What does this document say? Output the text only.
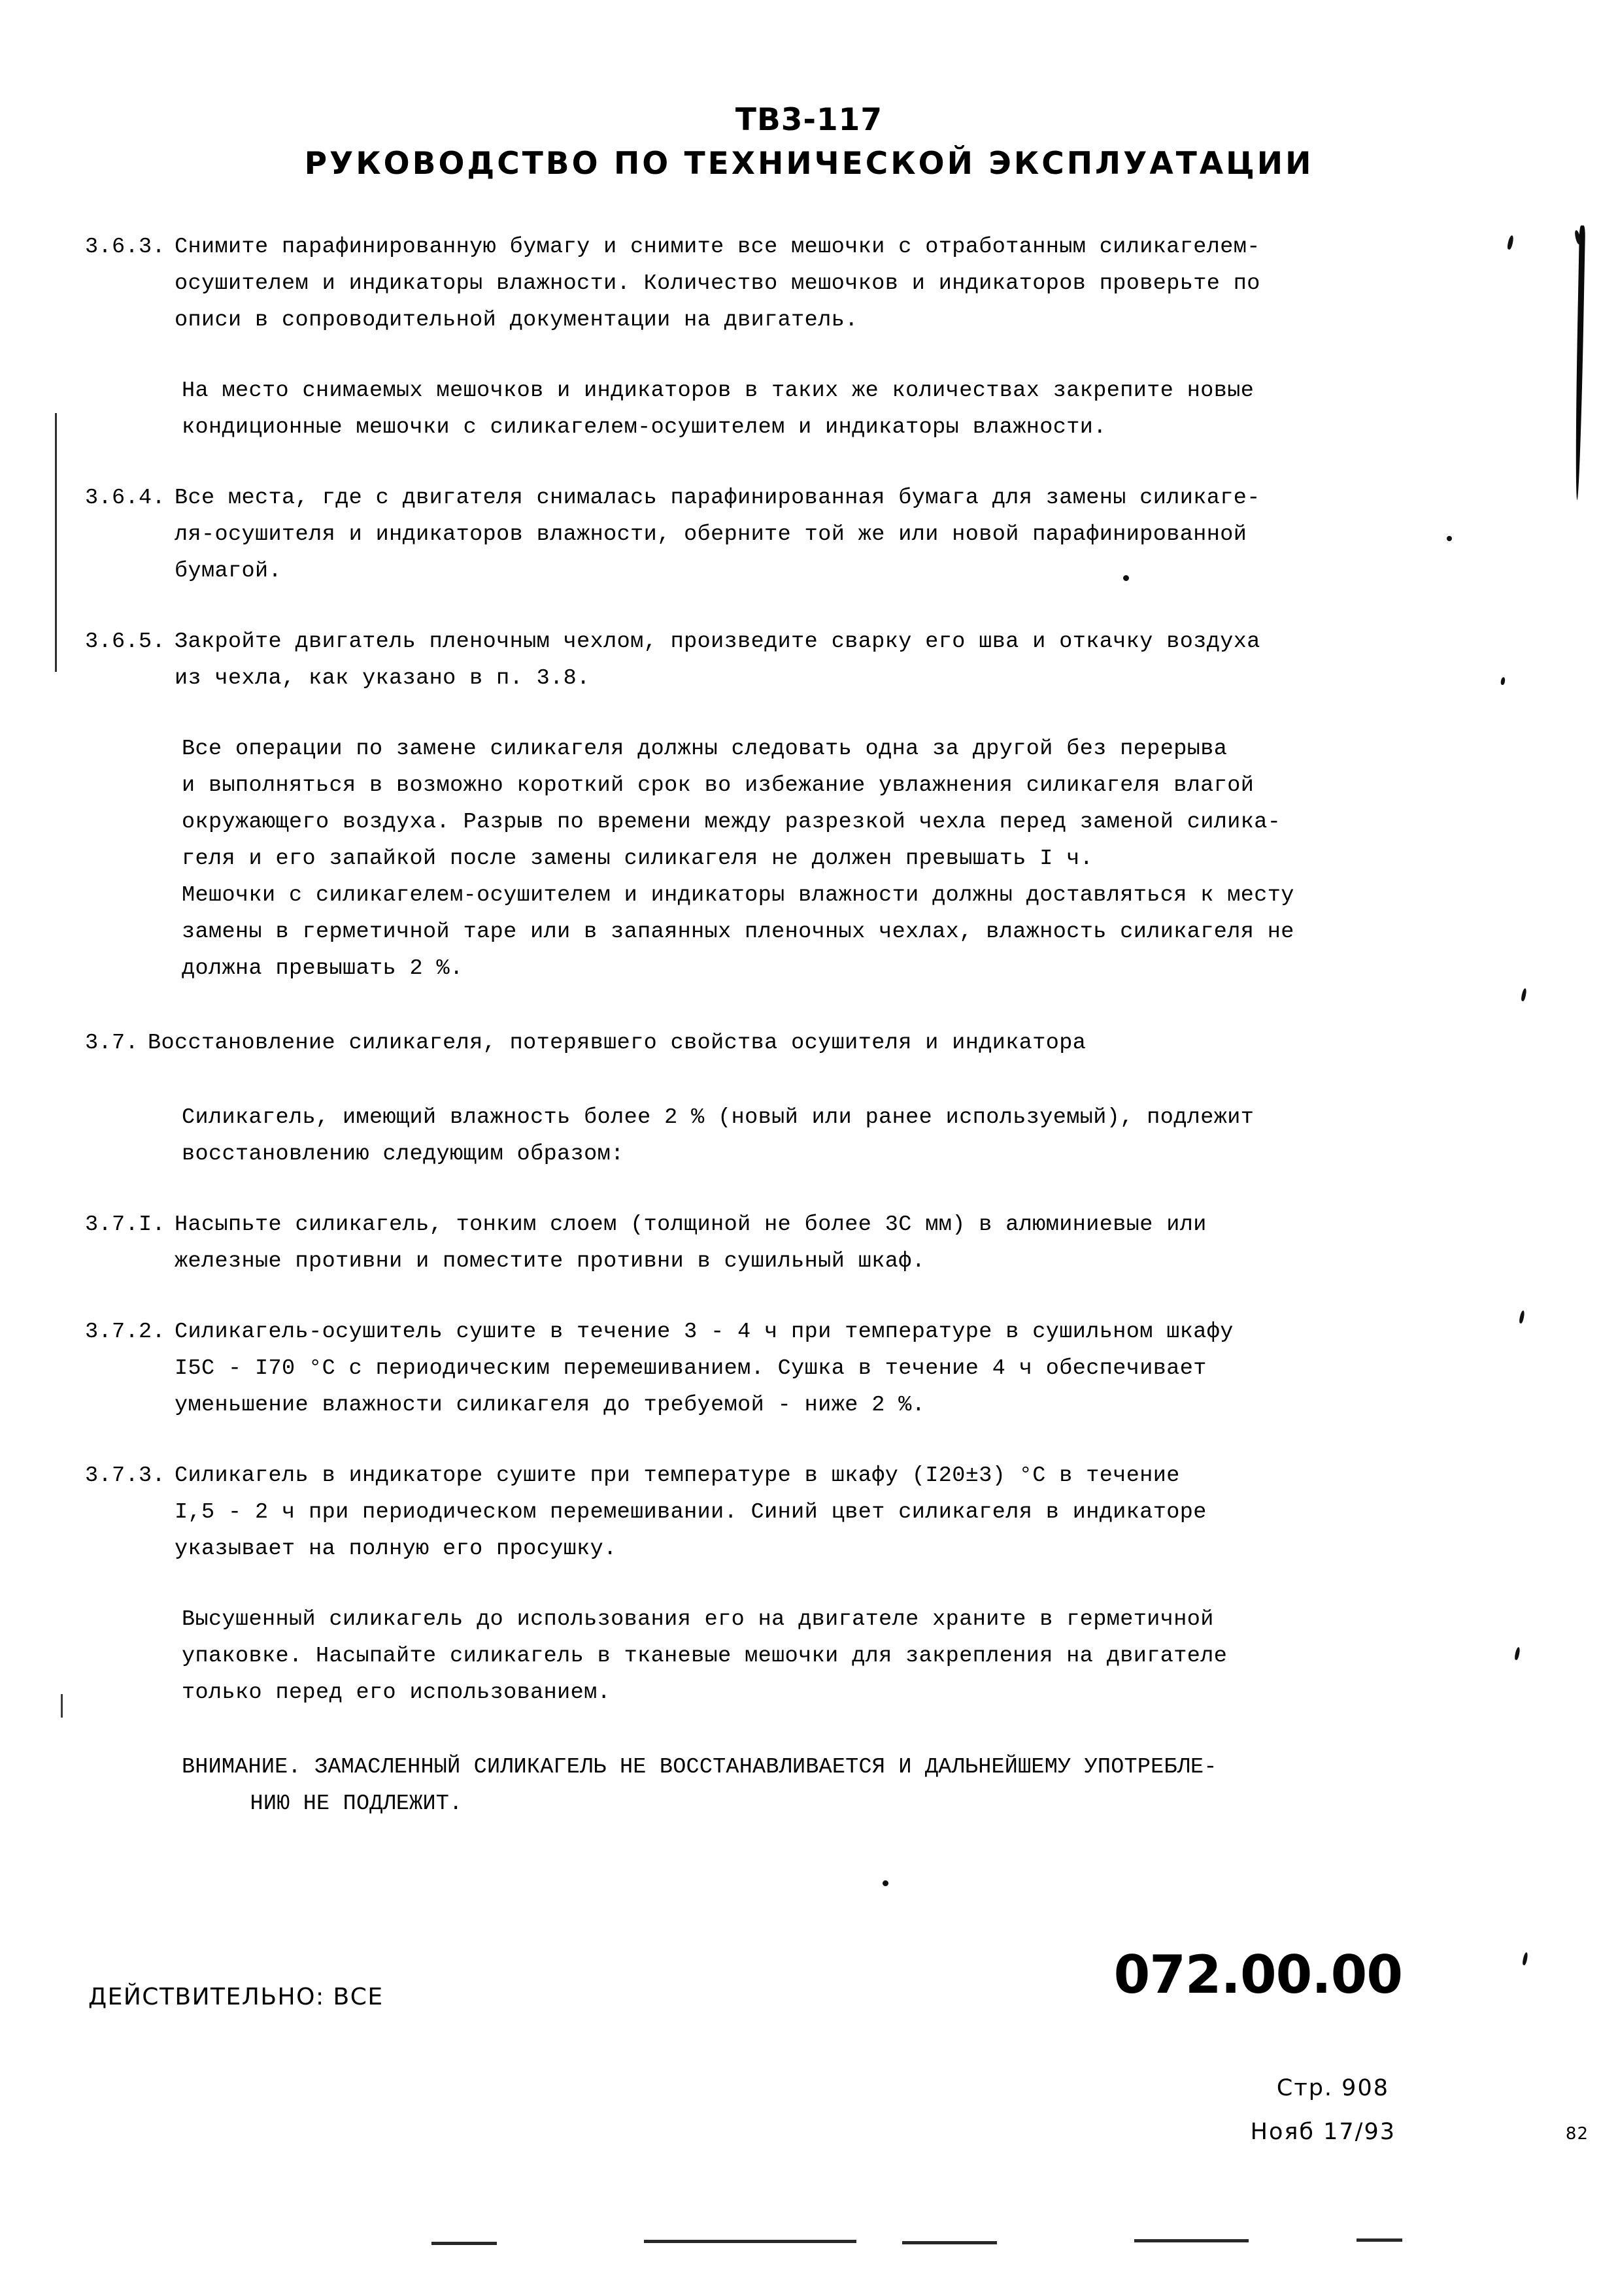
ТВ3-117
РУКОВОДСТВО ПО ТЕХНИЧЕСКОЙ ЭКСПЛУАТАЦИИ
3.6.3. Снимите парафинированную бумагу и снимите все мешочки с отработанным силикагелем-
осушителем и индикаторы влажности. Количество мешочков и индикаторов проверьте по
описи в сопроводительной документации на двигатель.
На место снимаемых мешочков и индикаторов в таких же количествах закрепите новые
кондиционные мешочки с силикагелем-осушителем и индикаторы влажности.
3.6.4. Все места, где с двигателя снималась парафинированная бумага для замены силикаге-
ля-осушителя и индикаторов влажности, оберните той же или новой парафинированной
бумагой.
3.6.5. Закройте двигатель пленочным чехлом, произведите сварку его шва и откачку воздуха
из чехла, как указано в п. 3.8.
Все операции по замене силикагеля должны следовать одна за другой без перерыва
и выполняться в возможно короткий срок во избежание увлажнения силикагеля влагой
окружающего воздуха. Разрыв по времени между разрезкой чехла перед заменой силика-
геля и его запайкой после замены силикагеля не должен превышать I ч.
Мешочки с силикагелем-осушителем и индикаторы влажности должны доставляться к месту
замены в герметичной таре или в запаянных пленочных чехлах, влажность силикагеля не
должна превышать 2 %.
3.7. Восстановление силикагеля, потерявшего свойства осушителя и индикатора
Силикагель, имеющий влажность более 2 % (новый или ранее используемый), подлежит
восстановлению следующим образом:
3.7.I. Насыпьте силикагель, тонким слоем (толщиной не более 3С мм) в алюминиевые или
железные противни и поместите противни в сушильный шкаф.
3.7.2. Силикагель-осушитель сушите в течение 3 - 4 ч при температуре в сушильном шкафу
I5C - I70 °С с периодическим перемешиванием. Сушка в течение 4 ч обеспечивает
уменьшение влажности силикагеля до требуемой - ниже 2 %.
3.7.3. Силикагель в индикаторе сушите при температуре в шкафу (I20±3) °С в течение
I,5 - 2 ч при периодическом перемешивании. Синий цвет силикагеля в индикаторе
указывает на полную его просушку.
Высушенный силикагель до использования его на двигателе храните в герметичной
упаковке. Насыпайте силикагель в тканевые мешочки для закрепления на двигателе
только перед его использованием.
ВНИМАНИЕ. ЗАМАСЛЕННЫЙ СИЛИКАГЕЛЬ НЕ ВОССТАНАВЛИВАЕТСЯ И ДАЛЬНЕЙШЕМУ УПОТРЕБЛЕ-
НИЮ НЕ ПОДЛЕЖИТ.
ДЕЙСТВИТЕЛЬНО: ВСЕ	072.00.00
Стр. 908
Нояб 17/93	82
